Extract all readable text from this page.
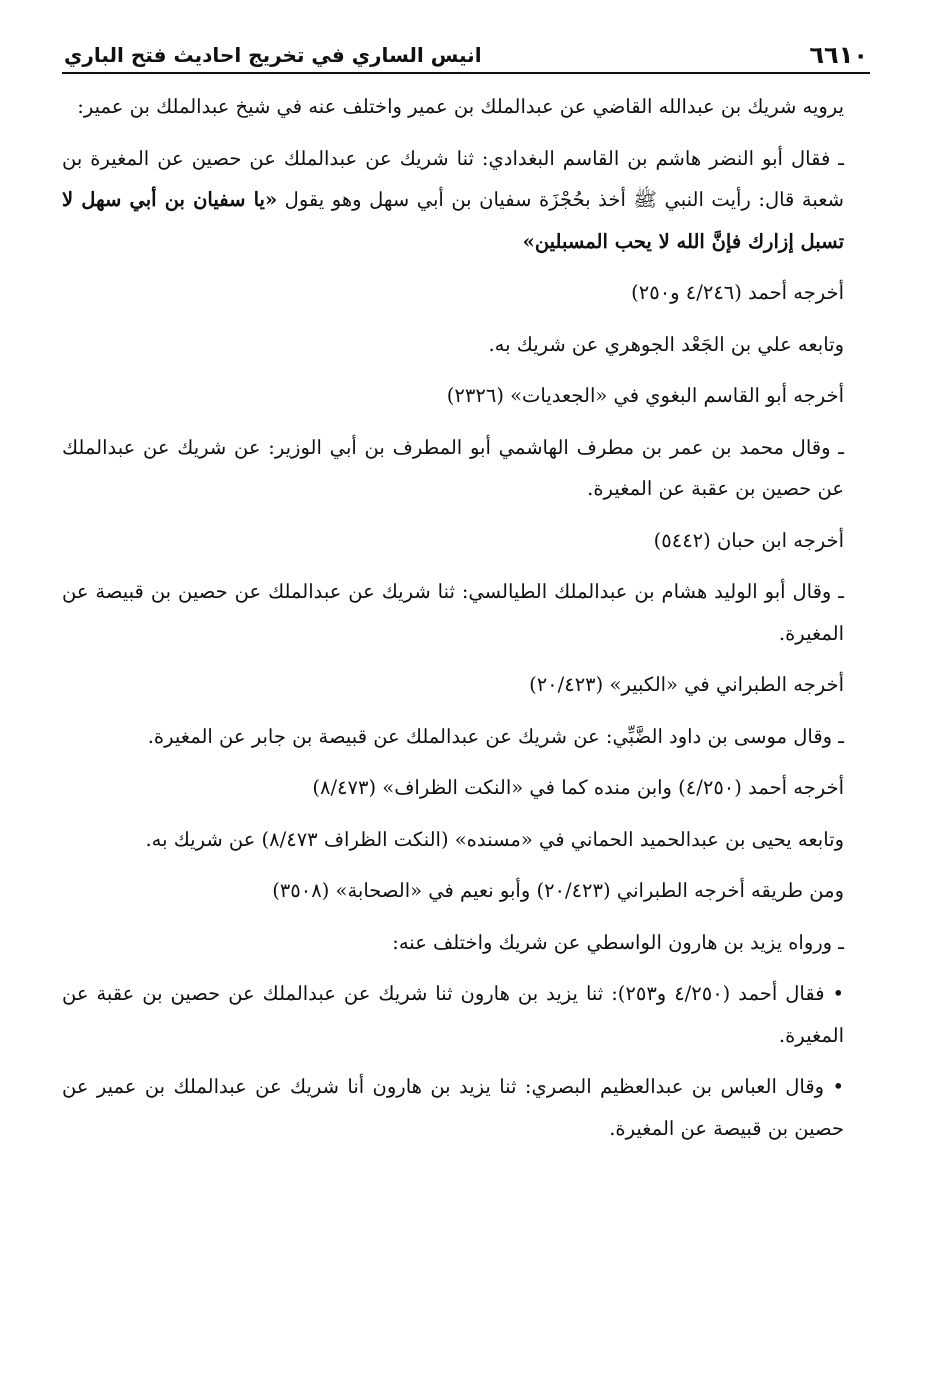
٦٦١٠
انيس الساري في تخريج احاديث فتح الباري

يرويه شريك بن عبدالله القاضي عن عبدالملك بن عمير واختلف عنه في شيخ عبدالملك بن عمير:

ـ فقال أبو النضر هاشم بن القاسم البغدادي: ثنا شريك عن عبدالملك عن حصين عن المغيرة بن شعبة قال: رأيت النبي ﷺ أخذ بحُجْزَة سفيان بن أبي سهل وهو يقول «يا سفيان بن أبي سهل لا تسبل إزارك فإنَّ الله لا يحب المسبلين»

أخرجه أحمد (٤/٢٤٦ و٢٥٠)

وتابعه علي بن الجَعْد الجوهري عن شريك به.

أخرجه أبو القاسم البغوي في «الجعديات» (٢٣٢٦)

ـ وقال محمد بن عمر بن مطرف الهاشمي أبو المطرف بن أبي الوزير: عن شريك عن عبدالملك عن حصين بن عقبة عن المغيرة.

أخرجه ابن حبان (٥٤٤٢)

ـ وقال أبو الوليد هشام بن عبدالملك الطيالسي: ثنا شريك عن عبدالملك عن حصين بن قبيصة عن المغيرة.

أخرجه الطبراني في «الكبير» (٢٠/٤٢٣)

ـ وقال موسى بن داود الضَّبِّي: عن شريك عن عبدالملك عن قبيصة بن جابر عن المغيرة.

أخرجه أحمد (٤/٢٥٠) وابن منده كما في «النكت الظراف» (٨/٤٧٣)

وتابعه يحيى بن عبدالحميد الحماني في «مسنده» (النكت الظراف ٨/٤٧٣) عن شريك به.

ومن طريقه أخرجه الطبراني (٢٠/٤٢٣) وأبو نعيم في «الصحابة» (٣٥٠٨)

ـ ورواه يزيد بن هارون الواسطي عن شريك واختلف عنه:

• فقال أحمد (٤/٢٥٠ و٢٥٣): ثنا يزيد بن هارون ثنا شريك عن عبدالملك عن حصين بن عقبة عن المغيرة.

• وقال العباس بن عبدالعظيم البصري: ثنا يزيد بن هارون أنا شريك عن عبدالملك بن عمير عن حصين بن قبيصة عن المغيرة.
